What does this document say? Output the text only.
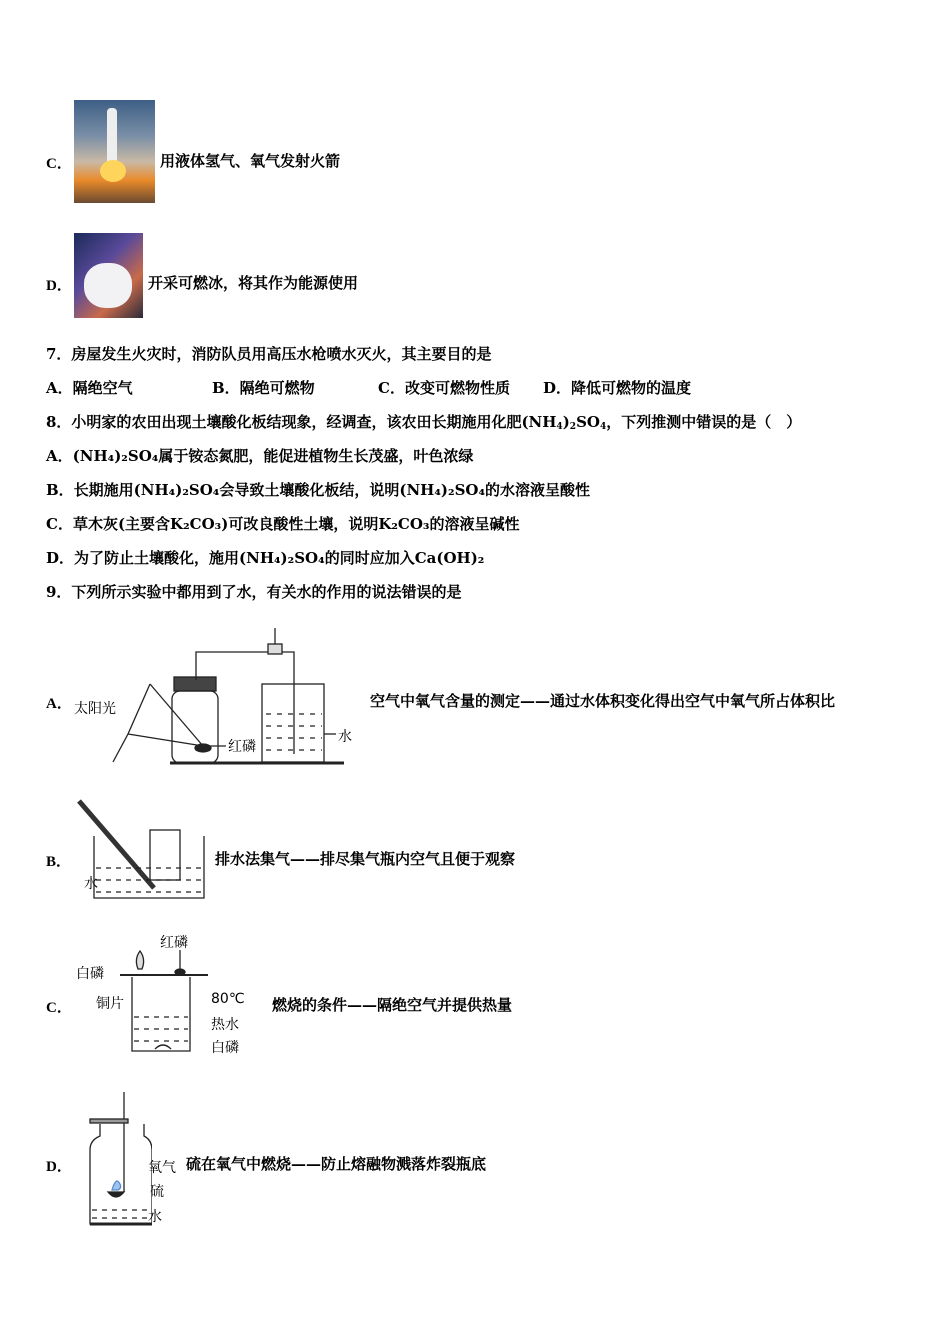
C．	用液体氢气、氧气发射火箭
D．	开采可燃冰，将其作为能源使用
7．房屋发生火灾时，消防队员用高压水枪喷水灭火，其主要目的是
A．隔绝空气	B．隔绝可燃物	C．改变可燃物性质 D．降低可燃物的温度
8．小明家的农田出现土壤酸化板结现象，经调查，该农田长期施用化肥$(NH_4)_2SO_4$，下列推测中错误的是（　）
A．(NH₄)₂SO₄属于铵态氮肥，能促进植物生长茂盛，叶色浓绿
B．长期施用(NH₄)₂SO₄会导致土壤酸化板结，说明(NH₄)₂SO₄的水溶液呈酸性
C．草木灰(主要含K₂CO₃)可改良酸性土壤，说明K₂CO₃的溶液呈碱性
D．为了防止土壤酸化，施用(NH₄)₂SO₄的同时应加入Ca(OH)₂
9．下列所示实验中都用到了水，有关水的作用的说法错误的是
A． 太阳光
红磷
水
空气中氧气含量的测定——通过水体积变化得出空气中氧气所占体积比
B．
水
排水法集气——排尽集气瓶内空气且便于观察
C．
红磷
白磷
铜片	80℃
热水
白磷
燃烧的条件——隔绝空气并提供热量
D．	氧气
硫
水
硫在氧气中燃烧——防止熔融物溅落炸裂瓶底
